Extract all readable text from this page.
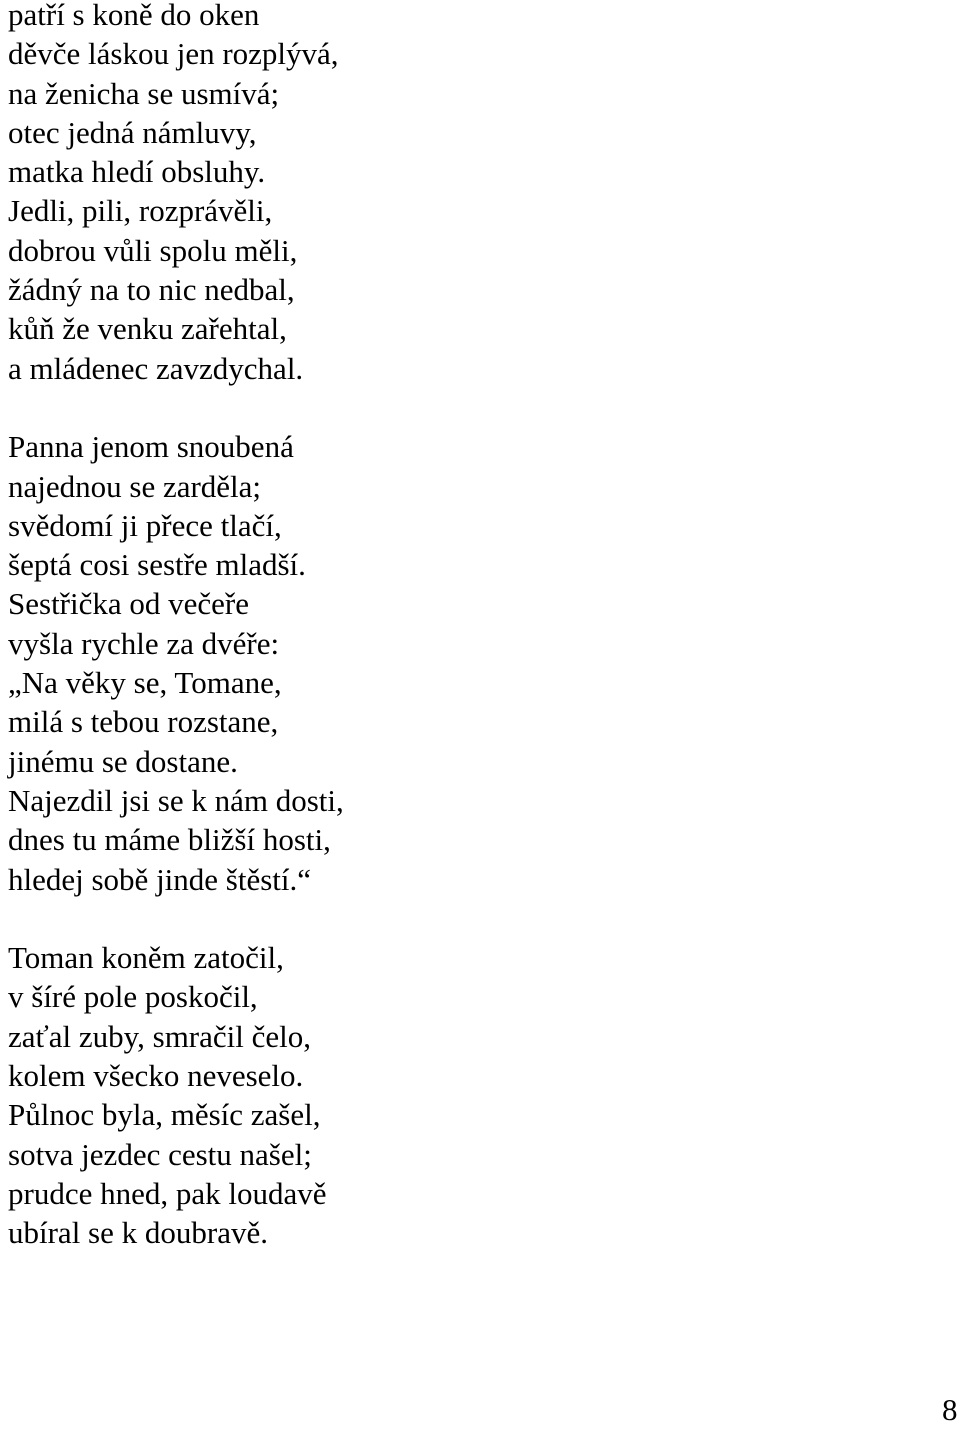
patří s koně do oken
děvče láskou jen rozplývá,
na ženicha se usmívá;
otec jedná námluvy,
matka hledí obsluhy.
Jedli, pili, rozprávěli,
dobrou vůli spolu měli,
žádný na to nic nedbal,
kůň že venku zařehtal,
a mládenec zavzdychal.
Panna jenom snoubená
najednou se zarděla;
svědomí ji přece tlačí,
šeptá cosi sestře mladší.
Sestřička od večeře
vyšla rychle za dvéře:
„Na věky se, Tomane,
milá s tebou rozstane,
jinému se dostane.
Najezdil jsi se k nám dosti,
dnes tu máme bližší hosti,
hledej sobě jinde štěstí.“
Toman koněm zatočil,
v šíré pole poskočil,
zaťal zuby, smračil čelo,
kolem všecko neveselo.
Půlnoc byla, měsíc zašel,
sotva jezdec cestu našel;
prudce hned, pak loudavě
ubíral se k doubravě.
8
